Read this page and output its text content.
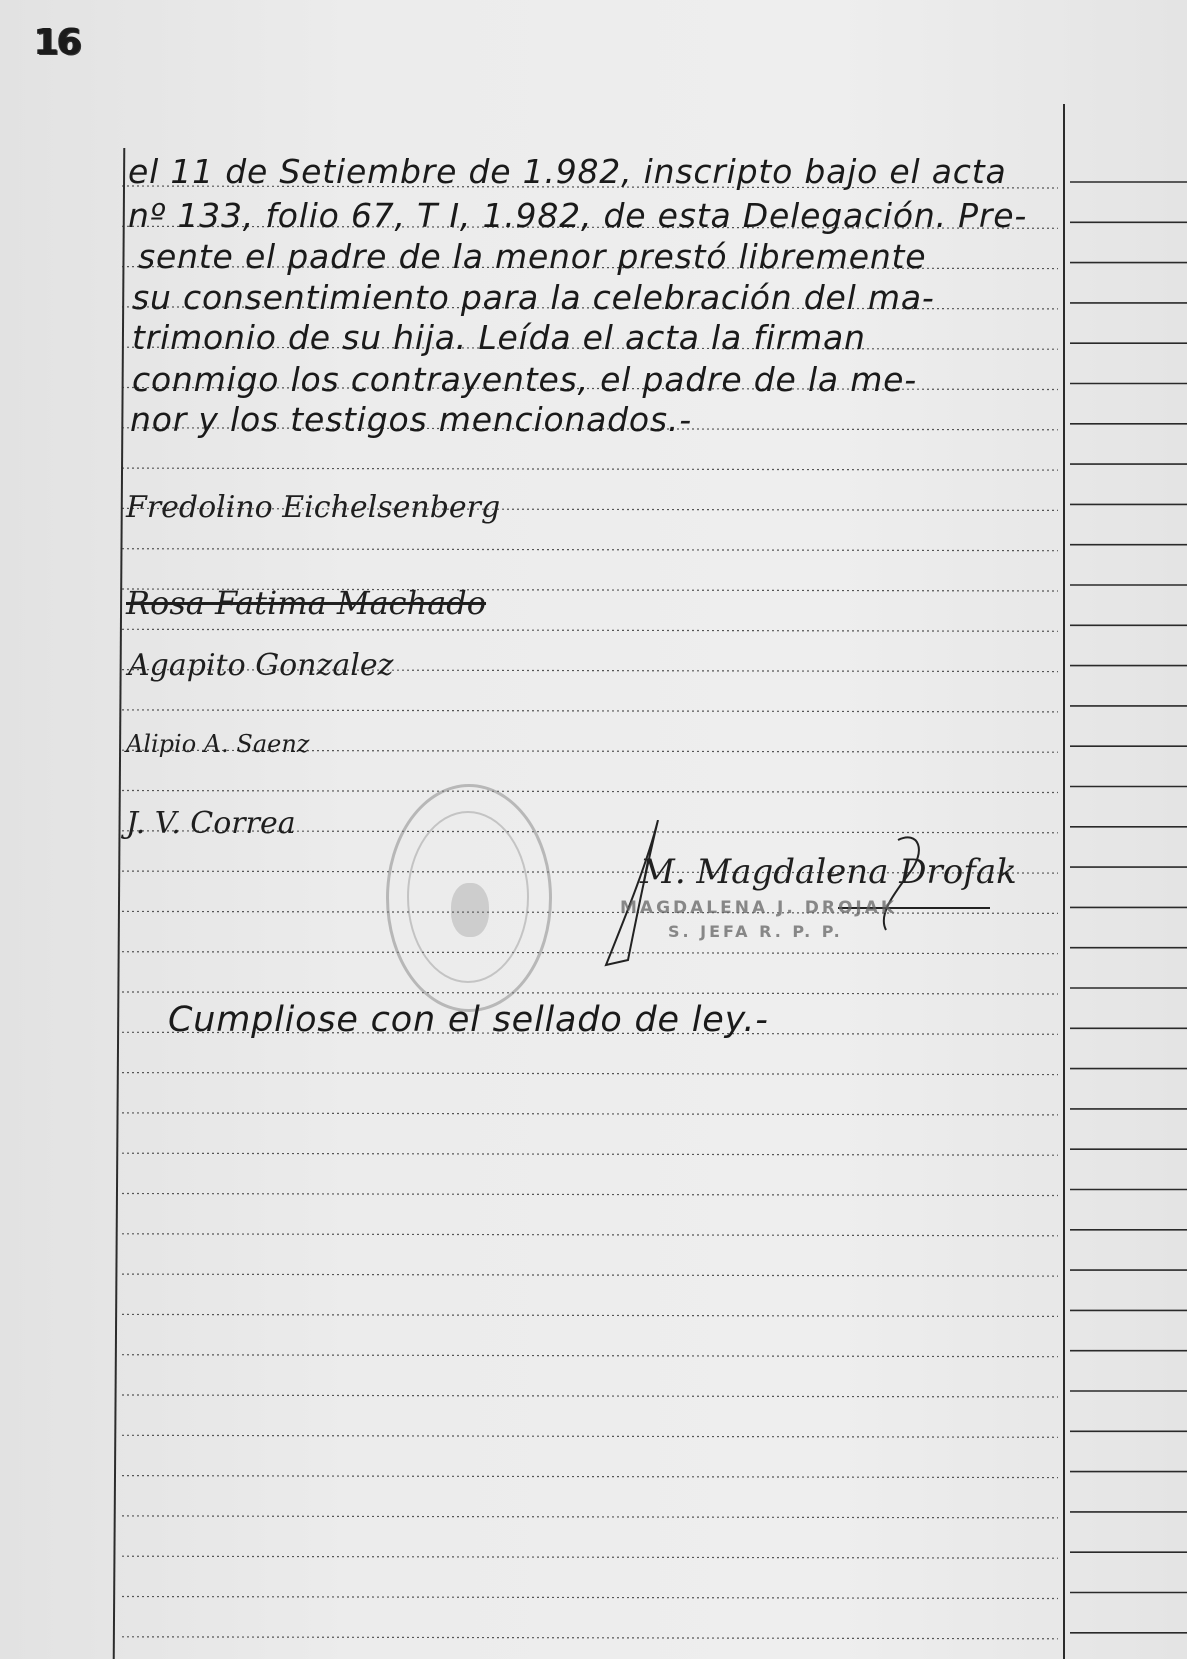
16
el 11 de Setiembre de 1.982, inscripto bajo el acta
nº 133, folio 67, T I, 1.982, de esta Delegación. Pre-
sente el padre de la menor prestó libremente
su consentimiento para la celebración del ma-
trimonio de su hija. Leída el acta la firman
conmigo los contrayentes, el padre de la me-
nor y los testigos mencionados.-
Fredolino Eichelsenberg
Rosa Fatima Machado
Agapito Gonzalez
Alipio A. Saenz
J. V. Correa
M. Magdalena Drofak
MAGDALENA J. DROJAK
S. JEFA R. P. P.
Cumpliose con el sellado de ley.-
